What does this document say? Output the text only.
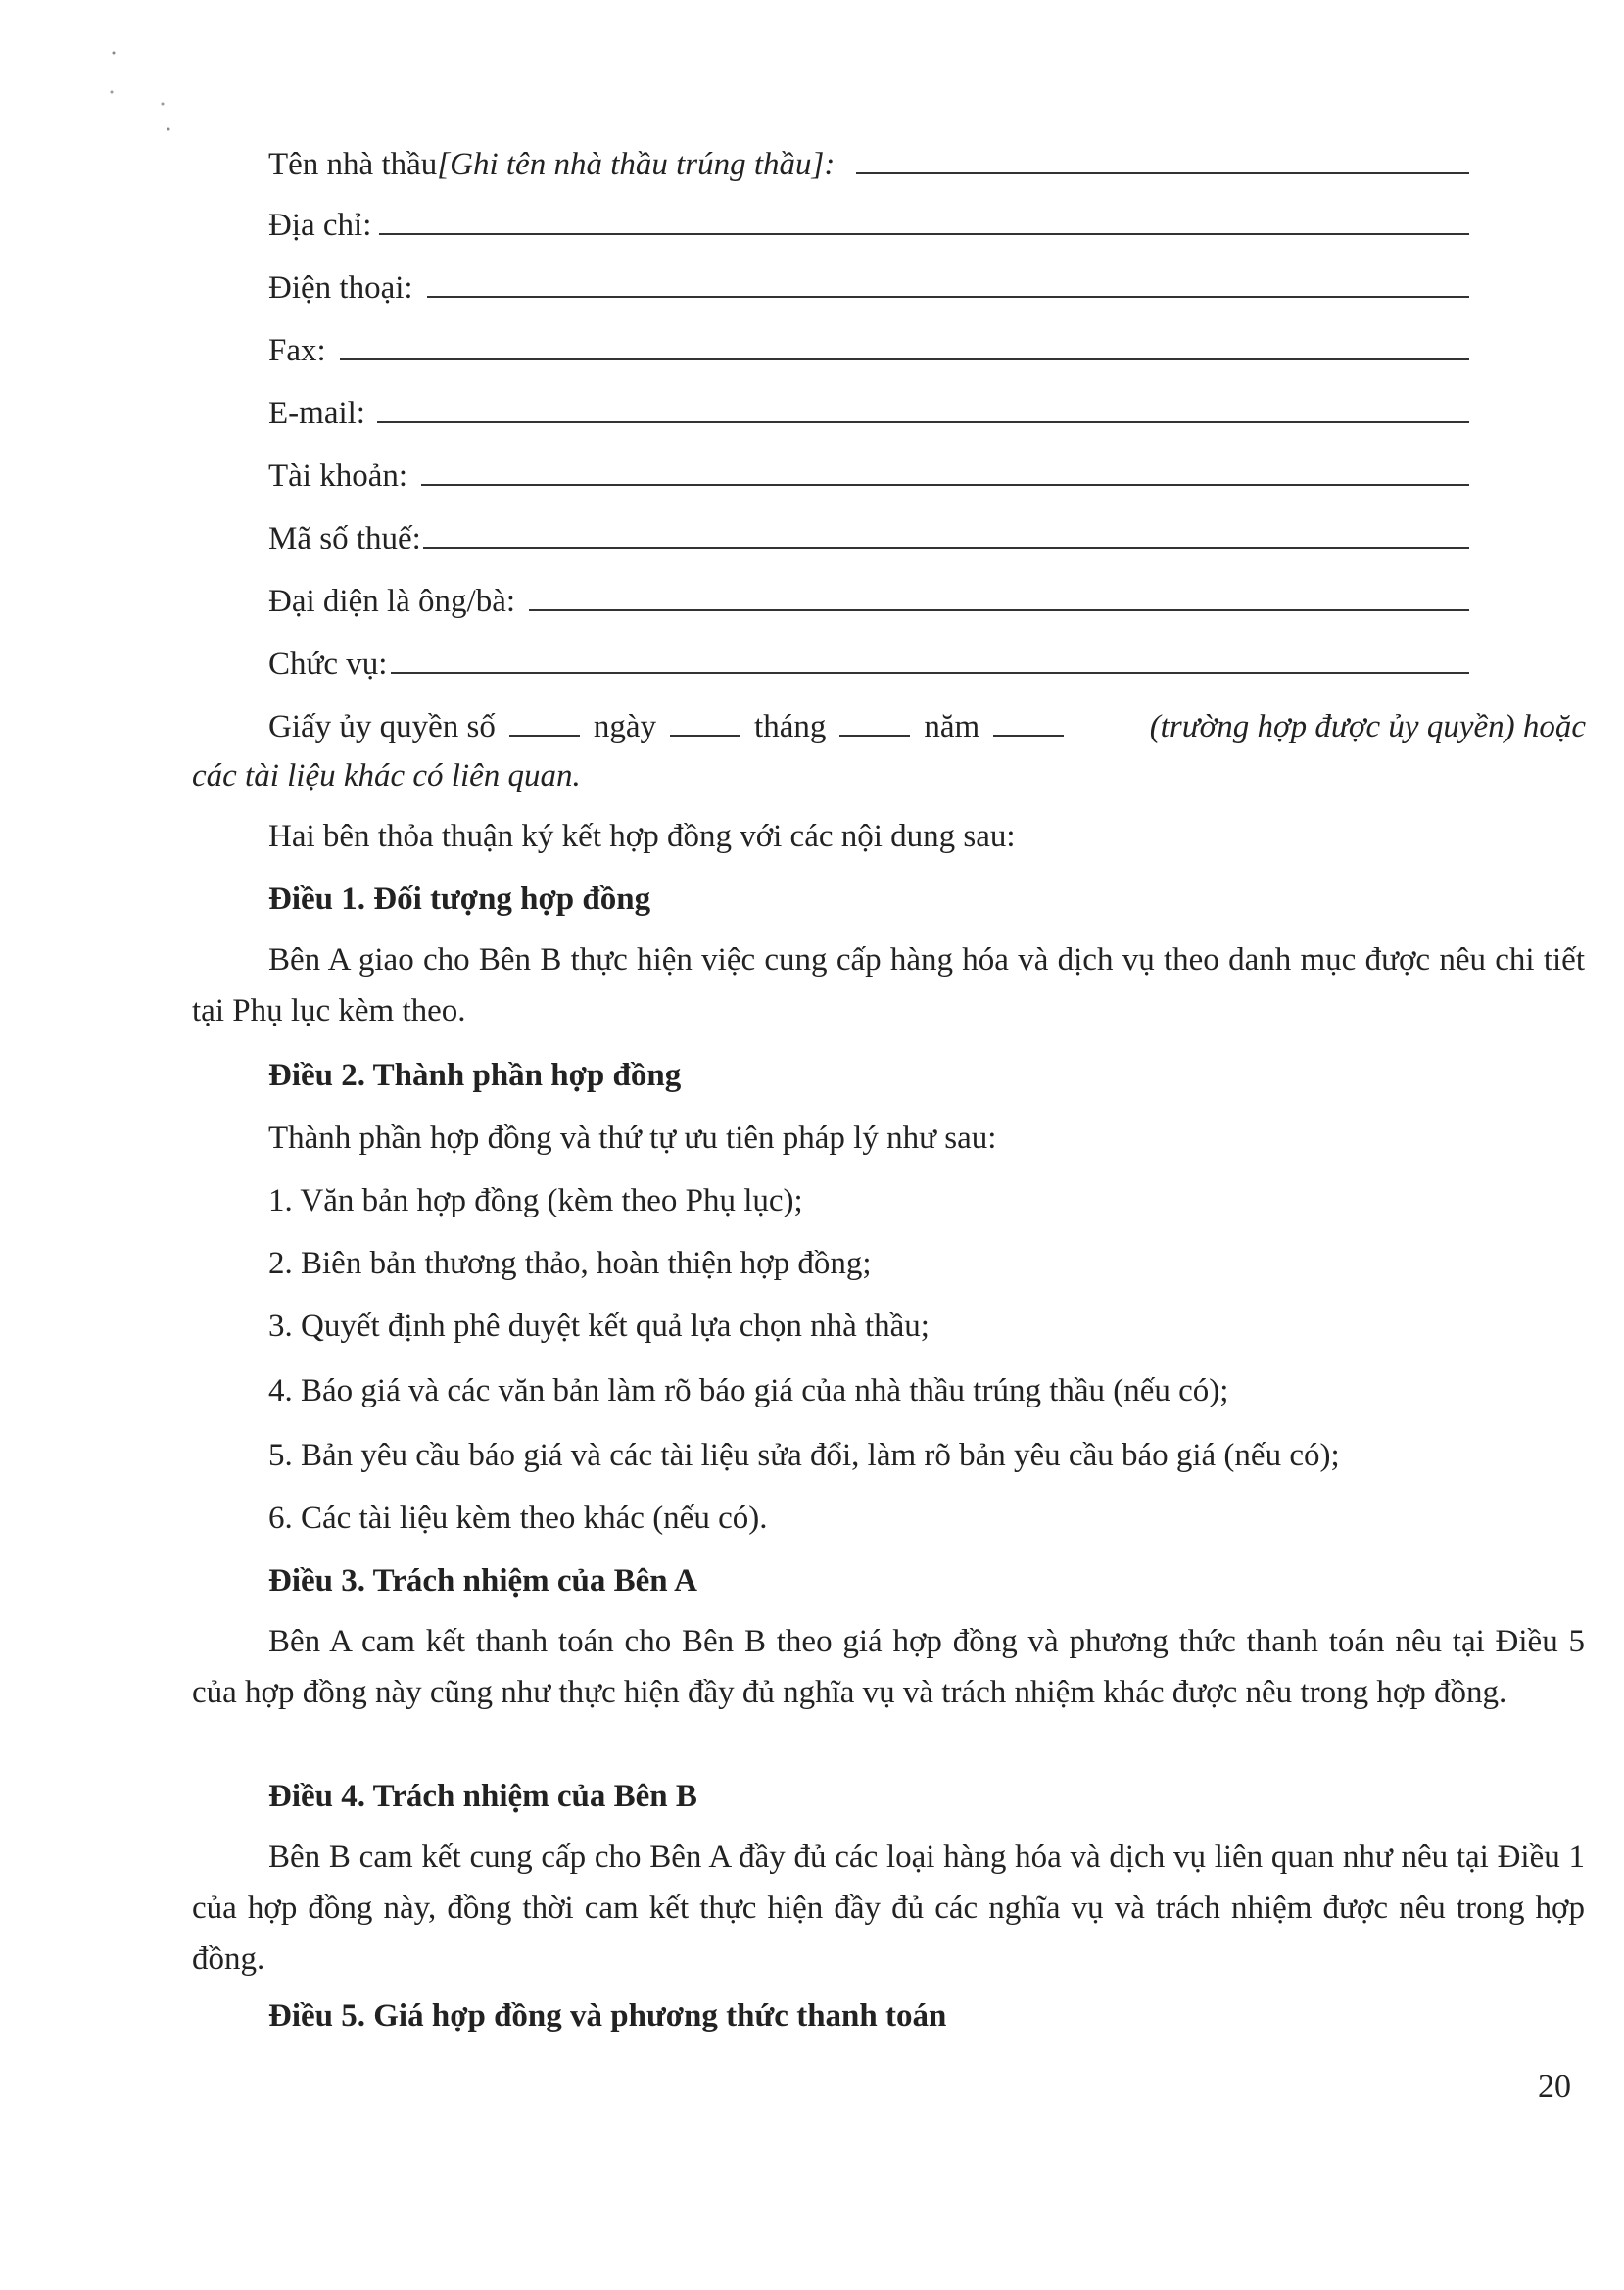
Tên nhà thầu [Ghi tên nhà thầu trúng thầu]:
Địa chỉ:
Điện thoại:
Fax:
E-mail:
Tài khoản:
Mã số thuế:
Đại diện là ông/bà:
Chức vụ:
Giấy ủy quyền số	ngày	tháng	năm	(trường hợp được ủy quyền) hoặc
các tài liệu khác có liên quan.
Hai bên thỏa thuận ký kết hợp đồng với các nội dung sau:
Điều 1. Đối tượng hợp đồng
Bên A giao cho Bên B thực hiện việc cung cấp hàng hóa và dịch vụ theo danh mục được nêu chi tiết tại Phụ lục kèm theo.
Điều 2. Thành phần hợp đồng
Thành phần hợp đồng và thứ tự ưu tiên pháp lý như sau:
1. Văn bản hợp đồng (kèm theo Phụ lục);
2. Biên bản thương thảo, hoàn thiện hợp đồng;
3. Quyết định phê duyệt kết quả lựa chọn nhà thầu;
4. Báo giá và các văn bản làm rõ báo giá của nhà thầu trúng thầu (nếu có);
5. Bản yêu cầu báo giá và các tài liệu sửa đổi, làm rõ bản yêu cầu báo giá (nếu có);
6. Các tài liệu kèm theo khác (nếu có).
Điều 3. Trách nhiệm của Bên A
Bên A cam kết thanh toán cho Bên B theo giá hợp đồng và phương thức thanh toán nêu tại Điều 5 của hợp đồng này cũng như thực hiện đầy đủ nghĩa vụ và trách nhiệm khác được nêu trong hợp đồng.
Điều 4. Trách nhiệm của Bên B
Bên B cam kết cung cấp cho Bên A đầy đủ các loại hàng hóa và dịch vụ liên quan như nêu tại Điều 1 của hợp đồng này, đồng thời cam kết thực hiện đầy đủ các nghĩa vụ và trách nhiệm được nêu trong hợp đồng.
Điều 5. Giá hợp đồng và phương thức thanh toán
20
